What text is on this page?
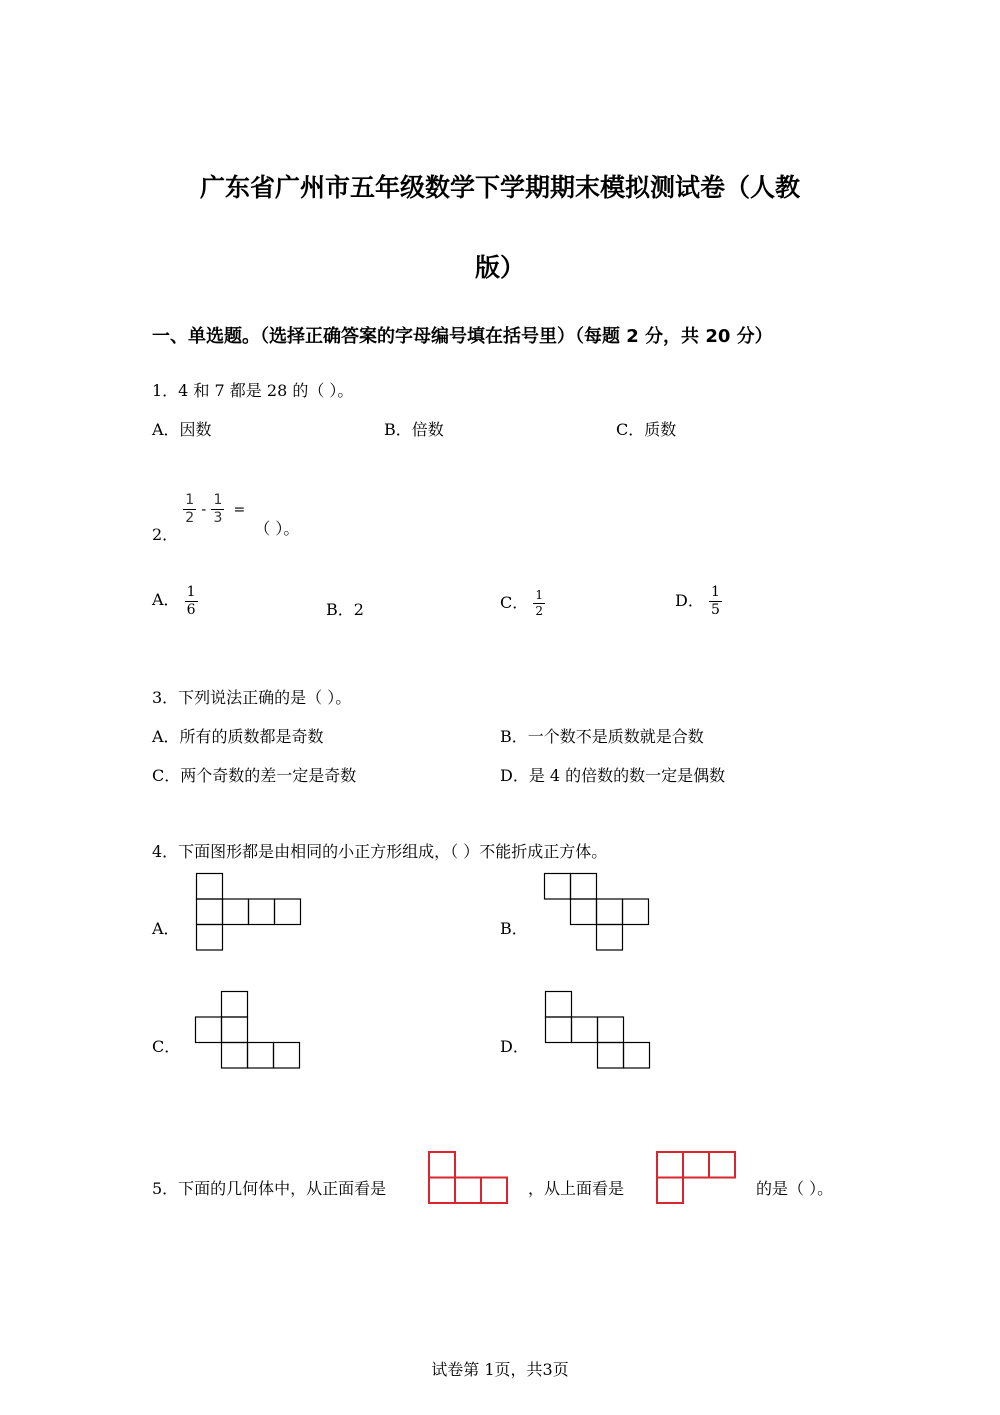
广东省广州市五年级数学下学期期末模拟测试卷（人教
版）
一、单选题。（选择正确答案的字母编号填在括号里）（每题 2 分，共 20 分）
1．4 和 7 都是 28 的（ ）。
A．因数	B．倍数	C．质数
2．
$\frac{1}{2} - \frac{1}{3}$ = （ ）。
A． $\frac{1}{6}$	B．2	C． $\frac{1}{2}$	D． $\frac{1}{5}$
3．下列说法正确的是（ ）。
A．所有的质数都是奇数	B．一个数不是质数就是合数
C．两个奇数的差一定是奇数	D．是 4 的倍数的数一定是偶数
4．下面图形都是由相同的小正方形组成，（ ）不能折成正方体。
A．	B．
C．	D．
5．下面的几何体中，从正面看是	，从上面看是	的是（ ）。
试卷第 1页，共3页
